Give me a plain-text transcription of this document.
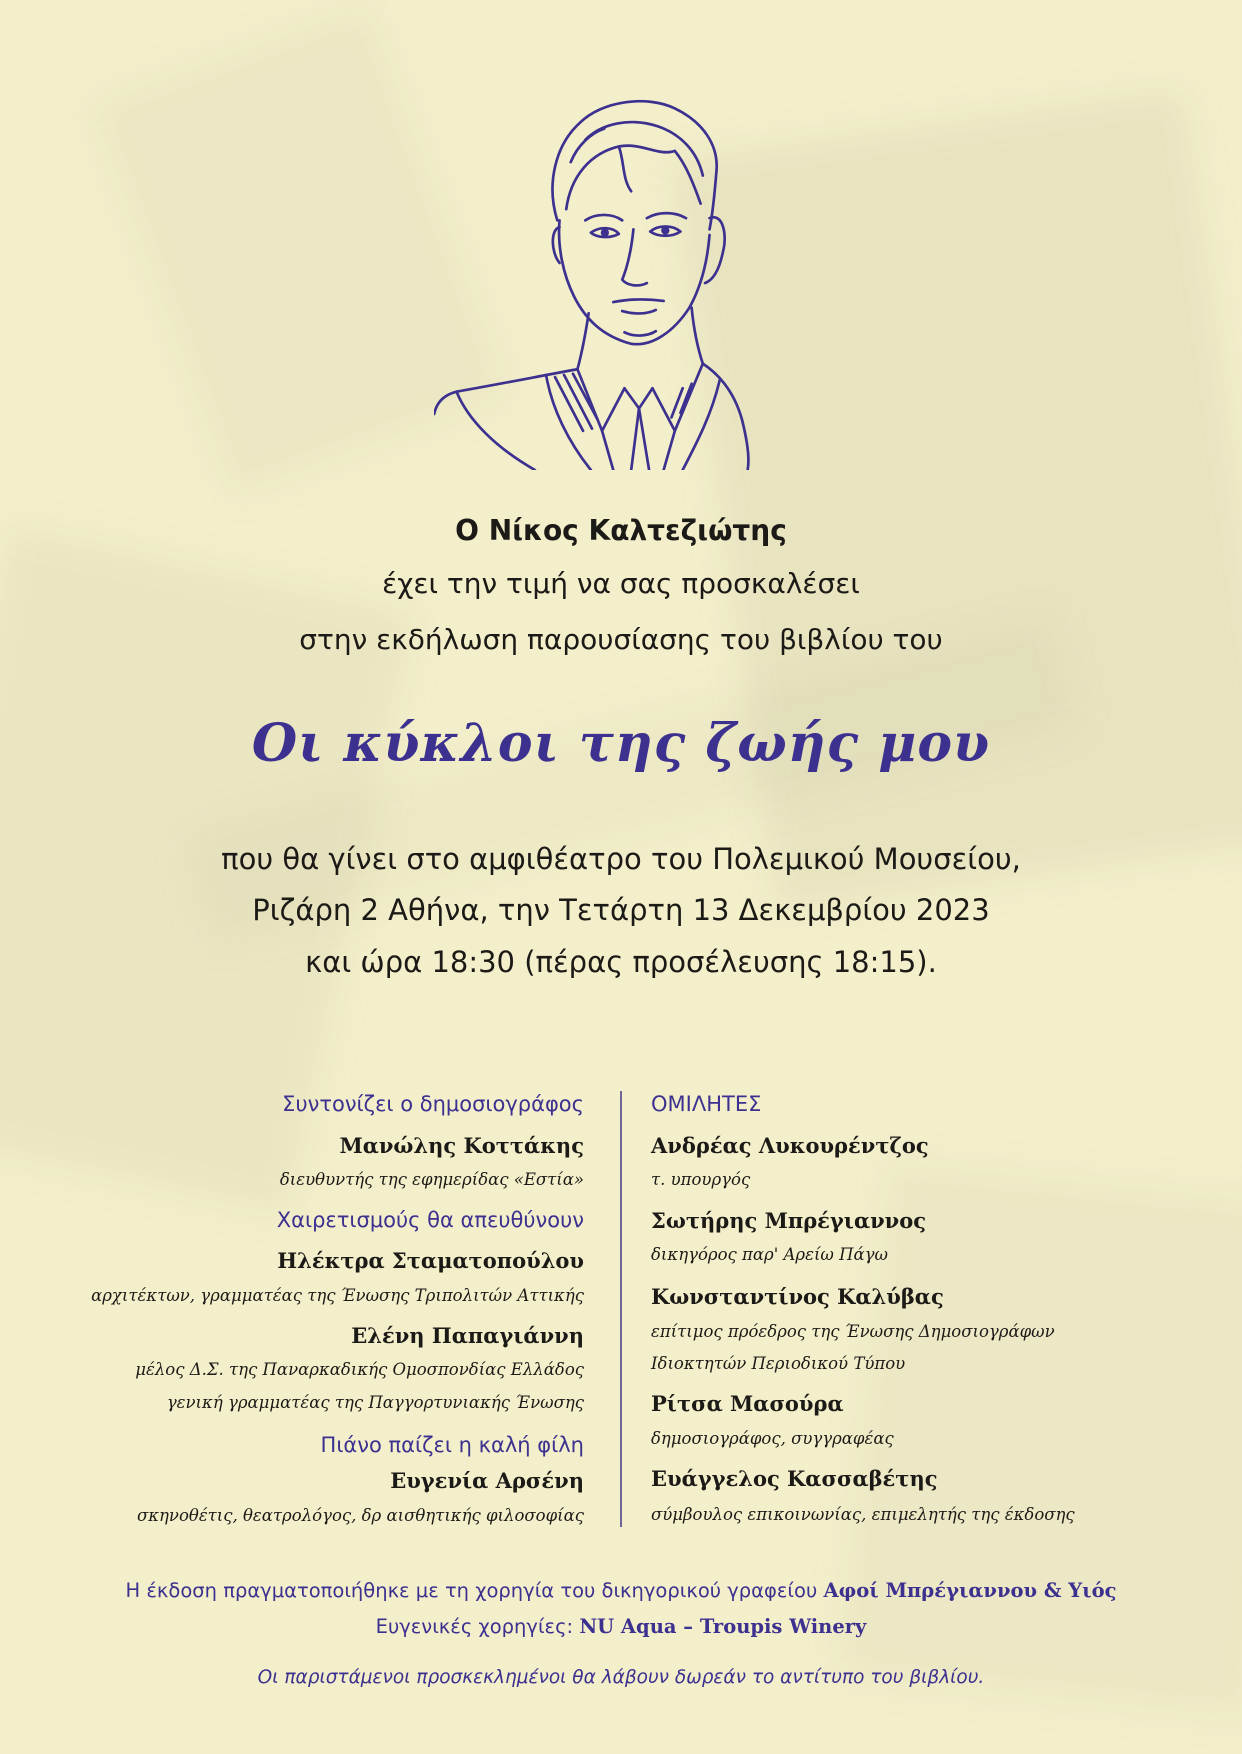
Ο Νίκος Καλτεζιώτης
έχει την τιμή να σας προσκαλέσει
στην εκδήλωση παρουσίασης του βιβλίου του
Οι κύκλοι της ζωής μου
που θα γίνει στο αμφιθέατρο του Πολεμικού Μουσείου,
Ριζάρη 2 Αθήνα, την Τετάρτη 13 Δεκεμβρίου 2023
και ώρα 18:30 (πέρας προσέλευσης 18:15).
Συντονίζει ο δημοσιογράφος
Μανώλης Κοττάκης
διευθυντής της εφημερίδας «Εστία»
Χαιρετισμούς θα απευθύνουν
Ηλέκτρα Σταματοπούλου
αρχιτέκτων, γραμματέας της Ένωσης Τριπολιτών Αττικής
Ελένη Παπαγιάννη
μέλος Δ.Σ. της Παναρκαδικής Ομοσπονδίας Ελλάδος
γενική γραμματέας της Παγγορτυνιακής Ένωσης
Πιάνο παίζει η καλή φίλη
Ευγενία Αρσένη
σκηνοθέτις, θεατρολόγος, δρ αισθητικής φιλοσοφίας
ΟΜΙΛΗΤΕΣ
Ανδρέας Λυκουρέντζος
τ. υπουργός
Σωτήρης Μπρέγιαννος
δικηγόρος παρ' Αρείω Πάγω
Κωνσταντίνος Καλύβας
επίτιμος πρόεδρος της Ένωσης Δημοσιογράφων
Ιδιοκτητών Περιοδικού Τύπου
Ρίτσα Μασούρα
δημοσιογράφος, συγγραφέας
Ευάγγελος Κασσαβέτης
σύμβουλος επικοινωνίας, επιμελητής της έκδοσης
Η έκδοση πραγματοποιήθηκε με τη χορηγία του δικηγορικού γραφείου Αφοί Μπρέγιαννου & Υιός
Ευγενικές χορηγίες: NU Aqua – Troupis Winery
Οι παριστάμενοι προσκεκλημένοι θα λάβουν δωρεάν το αντίτυπο του βιβλίου.
